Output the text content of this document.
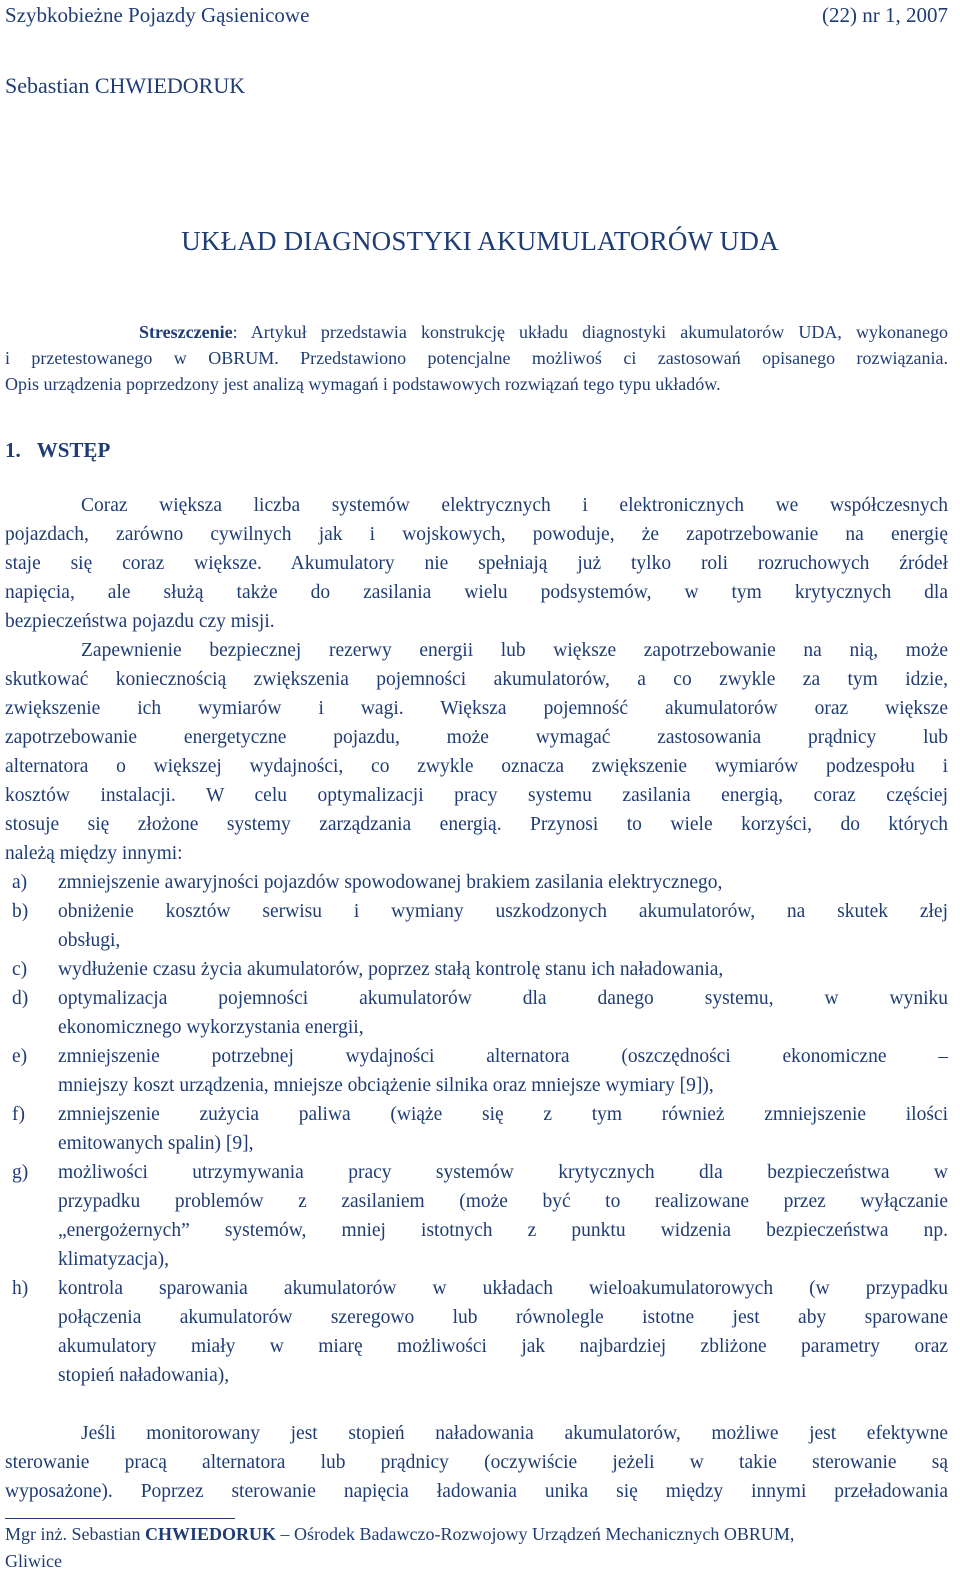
Szybkobieżne Pojazdy Gąsienicowe	(22) nr 1, 2007
Sebastian CHWIEDORUK
UKŁAD DIAGNOSTYKI AKUMULATORÓW UDA
Streszczenie: Artykuł przedstawia konstrukcję układu diagnostyki akumulatorów UDA, wykonanego
i przetestowanego w OBRUM. Przedstawiono potencjalne możliwoś ci zastosowań opisanego rozwiązania.
Opis urządzenia poprzedzony jest analizą wymagań i podstawowych rozwiązań tego typu układów.
1. WSTĘP
Coraz większa liczba systemów elektrycznych i elektronicznych we współczesnych
pojazdach, zarówno cywilnych jak i wojskowych, powoduje, że zapotrzebowanie na energię
staje się coraz większe. Akumulatory nie spełniają już tylko roli rozruchowych źródeł
napięcia, ale służą także do zasilania wielu podsystemów, w tym krytycznych dla
bezpieczeństwa pojazdu czy misji.
Zapewnienie bezpiecznej rezerwy energii lub większe zapotrzebowanie na nią, może
skutkować koniecznością zwiększenia pojemności akumulatorów, a co zwykle za tym idzie,
zwiększenie ich wymiarów i wagi. Większa pojemność akumulatorów oraz większe
zapotrzebowanie energetyczne pojazdu, może wymagać zastosowania prądnicy lub
alternatora o większej wydajności, co zwykle oznacza zwiększenie wymiarów podzespołu i
kosztów instalacji. W celu optymalizacji pracy systemu zasilania energią, coraz częściej
stosuje się złożone systemy zarządzania energią. Przynosi to wiele korzyści, do których
należą między innymi:
a)	zmniejszenie awaryjności pojazdów spowodowanej brakiem zasilania elektrycznego,
b)	obniżenie kosztów serwisu i wymiany uszkodzonych akumulatorów, na skutek złej
obsługi,
c)	wydłużenie czasu życia akumulatorów, poprzez stałą kontrolę stanu ich naładowania,
d)	optymalizacja pojemności akumulatorów dla danego systemu, w wyniku
ekonomicznego wykorzystania energii,
e)	zmniejszenie potrzebnej wydajności alternatora (oszczędności ekonomiczne –
mniejszy koszt urządzenia, mniejsze obciążenie silnika oraz mniejsze wymiary [9]),
f)	zmniejszenie zużycia paliwa (wiąże się z tym również zmniejszenie ilości
emitowanych spalin) [9],
g)	możliwości utrzymywania pracy systemów krytycznych dla bezpieczeństwa w
przypadku problemów z zasilaniem (może być to realizowane przez wyłączanie
„energożernych” systemów, mniej istotnych z punktu widzenia bezpieczeństwa np.
klimatyzacja),
h)	kontrola sparowania akumulatorów w układach wieloakumulatorowych (w przypadku
połączenia akumulatorów szeregowo lub równolegle istotne jest aby sparowane
akumulatory miały w miarę możliwości jak najbardziej zbliżone parametry oraz
stopień naładowania),
Jeśli monitorowany jest stopień naładowania akumulatorów, możliwe jest efektywne
sterowanie pracą alternatora lub prądnicy (oczywiście jeżeli w takie sterowanie są
wyposażone). Poprzez sterowanie napięcia ładowania unika się między innymi przeładowania
Mgr inż. Sebastian CHWIEDORUK – Ośrodek Badawczo-Rozwojowy Urządzeń Mechanicznych OBRUM,
Gliwice
